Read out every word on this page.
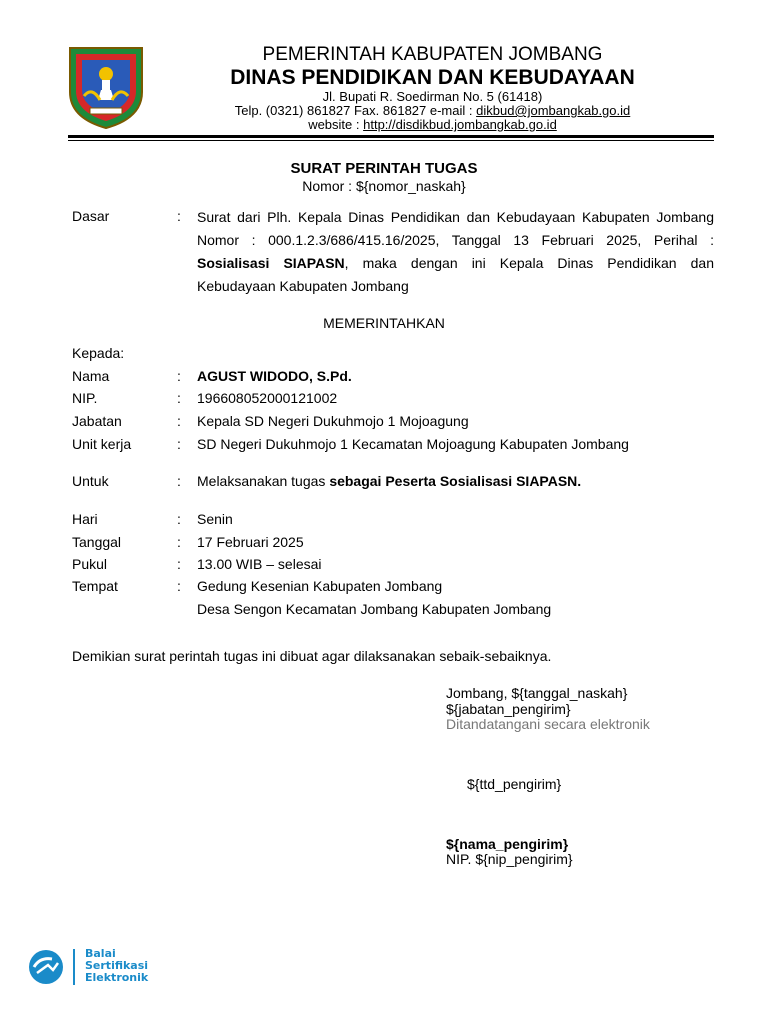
PEMERINTAH KABUPATEN JOMBANG
DINAS PENDIDIKAN DAN KEBUDAYAAN
Jl. Bupati R. Soedirman No. 5 (61418)
Telp. (0321) 861827 Fax. 861827 e-mail : dikbud@jombangkab.go.id
website : http://disdikbud.jombangkab.go.id
SURAT PERINTAH TUGAS
Nomor : ${nomor_naskah}
Dasar	: Surat dari Plh. Kepala Dinas Pendidikan dan Kebudayaan Kabupaten Jombang Nomor : 000.1.2.3/686/415.16/2025, Tanggal 13 Februari 2025, Perihal : Sosialisasi SIAPASN, maka dengan ini Kepala Dinas Pendidikan dan Kebudayaan Kabupaten Jombang
MEMERINTAHKAN
Kepada:
Nama	: AGUST WIDODO, S.Pd.
NIP.	: 196608052000121002
Jabatan	: Kepala SD Negeri Dukuhmojo 1 Mojoagung
Unit kerja	: SD Negeri Dukuhmojo 1 Kecamatan Mojoagung Kabupaten Jombang
Untuk	: Melaksanakan tugas sebagai Peserta Sosialisasi SIAPASN.
Hari	: Senin
Tanggal	: 17 Februari 2025
Pukul	: 13.00 WIB – selesai
Tempat	: Gedung Kesenian Kabupaten Jombang
Desa Sengon Kecamatan Jombang Kabupaten Jombang
Demikian surat perintah tugas ini dibuat agar dilaksanakan sebaik-sebaiknya.
Jombang, ${tanggal_naskah}
${jabatan_pengirim}
Ditandatangani secara elektronik
${ttd_pengirim}
${nama_pengirim}
NIP. ${nip_pengirim}
Balai
Sertifikasi
Elektronik
